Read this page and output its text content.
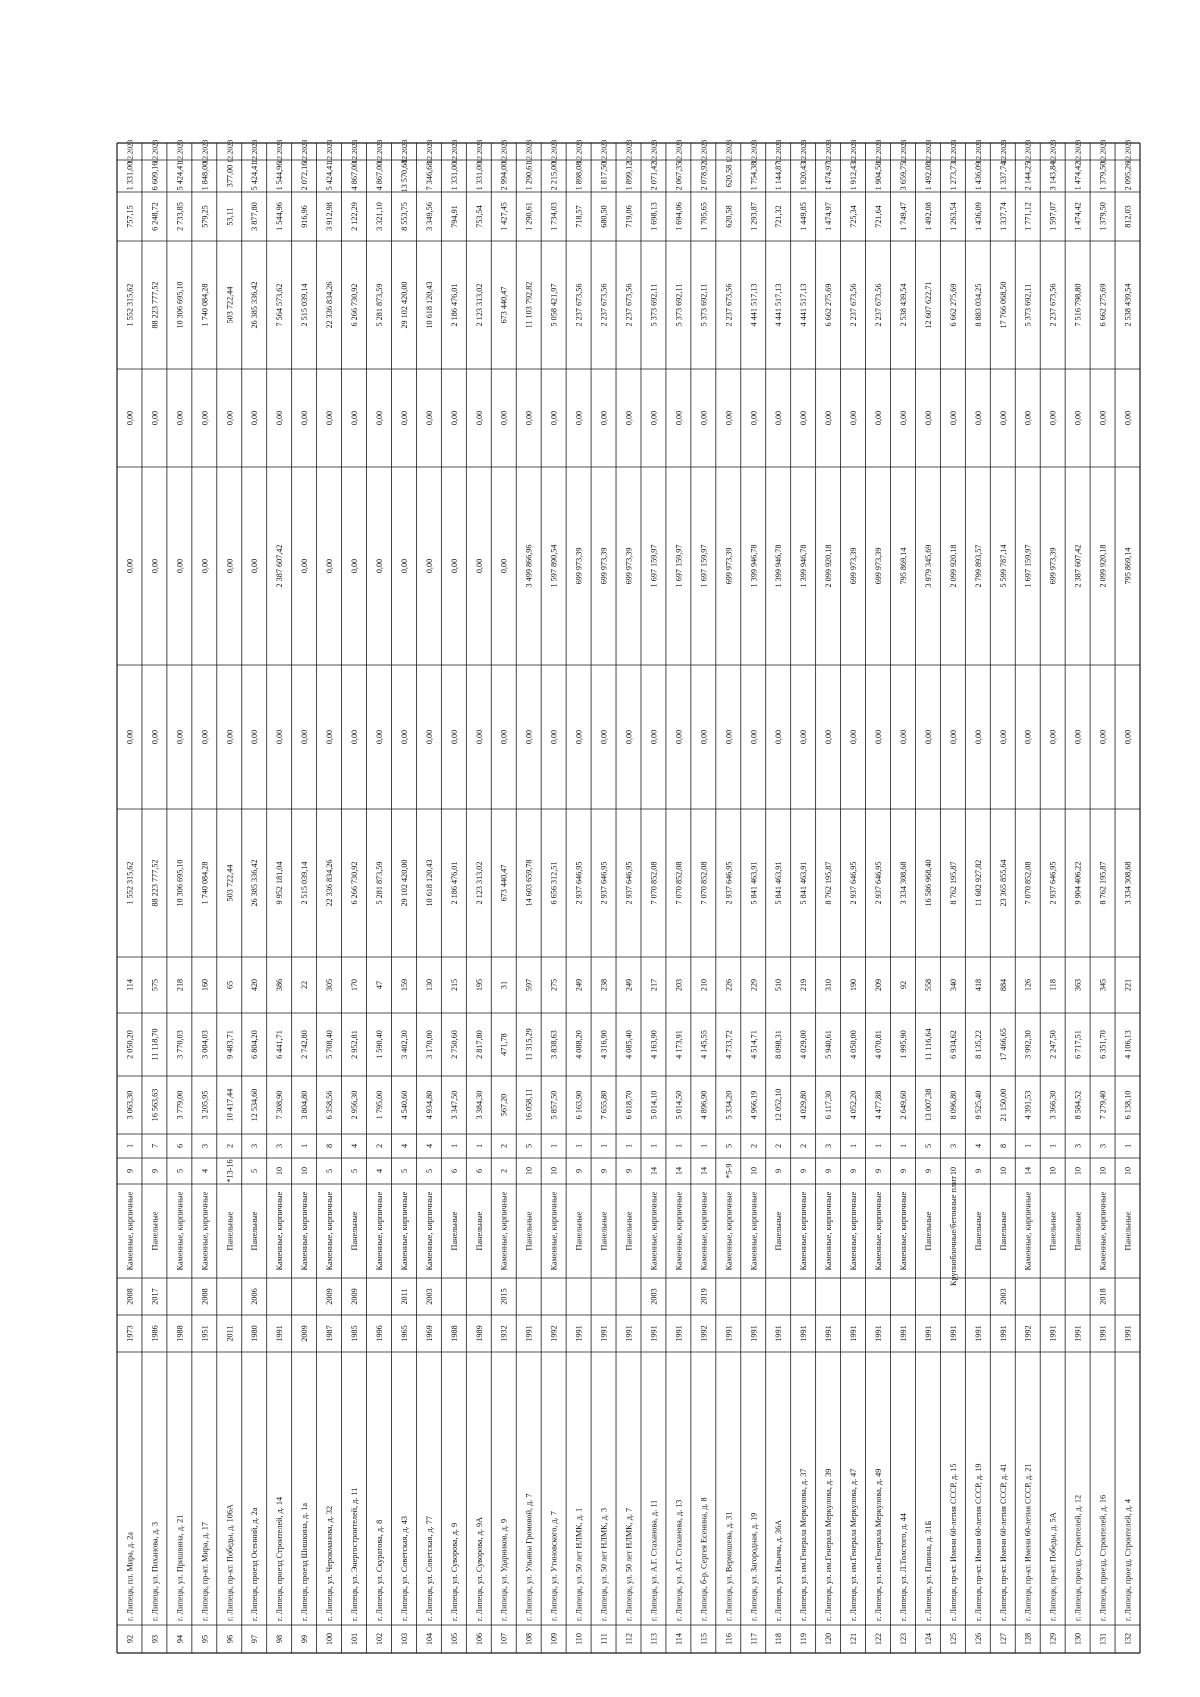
92
г. Липецк, пл. Мира, д. 2а
1973
2008
Каменные, кирпичные
9
1
3 063,30
2 050,20
114
1 552 315,62
0,00
0,00
0,00
1 552 315,62
757,15
1 331,00
12.2023
93
г. Липецк, ул. Пиханова, д. 3
1986
2017
Панельные
9
7
16 563,63
11 118,70
575
88 223 777,52
0,00
0,00
0,00
88 223 777,52
6 248,72
6 609,16
12.2023
94
г. Липецк, ул. Пришвина, д. 21
1988
Каменные, кирпичные
5
6
3 779,00
3 770,03
218
10 306 695,10
0,00
0,00
0,00
10 306 695,10
2 733,85
5 424,41
12.2023
95
г. Липецк, пр-кт. Мира, д. 17
1951
2008
Каменные, кирпичные
4
3
3 205,95
3 004,03
160
1 740 084,28
0,00
0,00
0,00
1 740 084,28
579,25
1 848,00
12.2023
96
г. Липецк, пр-кт. Победы, д. 106А
2011
Панельные
*13-16
2
10 417,44
9 483,71
65
503 722,44
0,00
0,00
0,00
503 722,44
53,11
377,00
12.2023
97
г. Липецк, проезд Осенний, д. 2а
1980
2006
Панельные
5
3
12 534,60
6 804,20
420
26 385 336,42
0,00
0,00
0,00
26 385 336,42
3 877,80
5 424,41
12.2023
98
г. Липецк, проезд Строителей, д. 14
1991
Каменные, кирпичные
10
3
7 308,90
6 441,71
386
9 952 181,04
0,00
2 387 607,42
0,00
7 564 573,62
1 544,96
1 544,96
12.2023
99
г. Липецк, проезд Шишкина, д. 1а
2009
Каменные, кирпичные
10
1
3 804,80
2 742,80
22
2 515 039,14
0,00
0,00
0,00
2 515 039,14
916,96
2 072,16
12.2023
100
г. Липецк, ул. Черокманова, д. 32
1987
2009
Каменные, кирпичные
5
8
6 358,56
5 708,40
305
22 336 834,26
0,00
0,00
0,00
22 336 834,26
3 912,98
5 424,41
12.2023
101
г. Липецк, ул. Энергостроителей, д. 11
1985
2009
Панельные
5
4
2 956,30
2 952,81
170
6 266 730,92
0,00
0,00
0,00
6 266 730,92
2 122,29
4 867,00
12.2023
102
г. Липецк, ул. Скуратова, д. 8
1996
Каменные, кирпичные
4
2
1 795,00
1 590,40
47
5 281 873,59
0,00
0,00
0,00
5 281 873,59
3 321,10
4 867,00
12.2023
103
г. Липецк, ул. Советская, д. 43
1965
2011
Каменные, кирпичные
5
4
4 540,60
3 402,30
159
29 102 420,00
0,00
0,00
0,00
29 102 420,00
8 553,75
13 570,68
12.2023
104
г. Липецк, ул. Советская, д. 77
1969
2003
Каменные, кирпичные
5
4
4 934,80
3 170,00
130
10 618 120,43
0,00
0,00
0,00
10 618 120,43
3 349,56
7 346,68
12.2023
105
г. Липецк, ул. Суворова, д. 9
1988
Панельные
6
1
3 347,50
2 750,60
215
2 186 476,01
0,00
0,00
0,00
2 186 476,01
794,91
1 331,00
12.2023
106
г. Липецк, ул. Суворова, д. 9А
1989
Панельные
6
1
3 384,30
2 817,80
195
2 123 313,02
0,00
0,00
0,00
2 123 313,02
753,54
1 331,00
12.2023
107
г. Липецк, ул. Ударников, д. 9
1932
2015
Каменные, кирпичные
2
2
567,20
471,78
31
673 440,47
0,00
0,00
0,00
673 440,47
1 427,45
2 994,00
12.2023
108
г. Липецк, ул. Ульяны Громовой, д. 7
1991
Панельные
10
5
16 058,11
11 315,29
597
14 603 659,78
0,00
3 499 866,96
0,00
11 103 792,82
1 290,61
1 290,61
12.2023
109
г. Липецк, ул. Утиновского, д. 7
1992
Каменные, кирпичные
10
1
5 857,50
3 838,63
275
6 656 312,51
0,00
1 597 890,54
0,00
5 058 421,97
1 734,03
2 215,00
12.2023
110
г. Липецк, ул. 50 лет НЛМК, д. 1
1991
Панельные
9
1
6 163,90
4 088,20
249
2 937 646,95
0,00
699 973,39
0,00
2 237 673,56
718,57
1 898,08
12.2023
111
г. Липецк, ул. 50 лет НЛМК, д. 3
1991
Панельные
9
1
7 655,80
4 316,90
238
2 937 646,95
0,00
699 973,39
0,00
2 237 673,56
680,50
1 817,50
12.2023
112
г. Липецк, ул. 50 лет НЛМК, д. 7
1991
Панельные
9
1
6 018,70
4 085,40
249
2 937 646,95
0,00
699 973,39
0,00
2 237 673,56
719,06
1 899,12
12.2023
113
г. Липецк, ул. А.Г. Стаханова, д. 11
1991
2003
Каменные, кирпичные
14
1
5 014,10
4 163,90
217
7 070 852,08
0,00
1 697 159,97
0,00
5 373 692,11
1 698,13
2 071,42
12.2023
114
г. Липецк, ул. А.Г. Стаханова, д. 13
1991
Каменные, кирпичные
14
1
5 014,50
4 173,91
203
7 070 852,08
0,00
1 697 159,97
0,00
5 373 692,11
1 694,06
2 067,35
12.2023
115
г. Липецк, б-р. Сергея Есенина, д. 8
1992
2019
Каменные, кирпичные
14
1
4 896,90
4 145,55
210
7 070 852,08
0,00
1 697 159,97
0,00
5 373 692,11
1 705,65
2 078,92
12.2023
116
г. Липецк, ул. Вермишева, д. 31
1991
Каменные, кирпичные
*5-9
5
5 334,20
4 733,72
226
2 937 646,95
0,00
699 973,39
0,00
2 237 673,56
620,58
620,58
12.2023
117
г. Липецк, ул. Загородная, д. 19
1991
Каменные, кирпичные
10
2
4 966,19
4 514,71
229
5 841 463,91
0,00
1 399 946,78
0,00
4 441 517,13
1 293,87
1 754,38
12.2023
118
г. Липецк, ул. Ильича, д. 36А
1991
Панельные
9
2
12 052,10
8 098,31
510
5 841 463,91
0,00
1 399 946,78
0,00
4 441 517,13
721,32
1 144,87
12.2023
119
г. Липецк, ул. им.Генерала Меркулова, д. 37
1991
Каменные, кирпичные
9
2
4 029,80
4 029,00
219
5 841 463,91
0,00
1 399 946,78
0,00
4 441 517,13
1 449,85
1 920,43
12.2023
120
г. Липецк, ул. им.Генерала Меркулова, д. 39
1991
Каменные, кирпичные
9
3
6 117,30
5 940,61
310
8 762 195,87
0,00
2 099 920,18
0,00
6 662 275,69
1 474,97
1 474,97
12.2023
121
г. Липецк, ул. им.Генерала Меркулова, д. 47
1991
Каменные, кирпичные
9
1
4 052,20
4 050,00
190
2 937 646,95
0,00
699 973,39
0,00
2 237 673,56
725,34
1 912,43
12.2023
122
г. Липецк, ул. им.Генерала Меркулова, д. 49
1991
Каменные, кирпичные
9
1
4 477,88
4 070,81
209
2 937 646,95
0,00
699 973,39
0,00
2 237 673,56
721,64
1 904,58
12.2023
123
г. Липецк, ул. Л.Толстого, д. 44
1991
Каменные, кирпичные
9
1
2 649,60
1 995,90
92
3 334 308,68
0,00
795 869,14
0,00
2 538 439,54
1 749,47
3 659,75
12.2023
124
г. Липецк, ул. Папина, д. 31Б
1991
Панельные
9
5
13 007,38
11 116,64
558
16 586 968,40
0,00
3 979 345,69
0,00
12 607 622,71
1 492,08
1 492,08
12.2023
125
г. Липецк, пр-кт. Имени 60-летия СССР, д. 15
1991
Крупноблочные/бетонные плит
10
3
8 096,80
6 934,62
340
8 762 195,87
0,00
2 099 920,18
0,00
6 662 275,69
1 263,54
1 273,73
12.2023
126
г. Липецк, пр-кт. Имени 60-летия СССР, д. 19
1991
Панельные
9
4
9 525,40
8 135,22
418
11 682 927,82
0,00
2 799 893,57
0,00
8 883 034,25
1 436,09
1 436,09
12.2023
127
г. Липецк, пр-кт. Имени 60-летия СССР, д. 41
1991
2003
Панельные
10
8
21 150,00
17 466,65
884
23 365 855,64
0,00
5 599 787,14
0,00
17 766 068,50
1 337,74
1 337,74
12.2023
128
г. Липецк, пр-кт. Имени 60-летия СССР, д. 21
1992
Каменные, кирпичные
14
1
4 391,53
3 992,30
126
7 070 852,08
0,00
1 697 159,97
0,00
5 373 692,11
1 771,12
2 144,25
12.2023
129
г. Липецк, пр-кт. Победы, д. 5А
1991
Панельные
10
1
3 366,30
2 247,50
118
2 937 646,95
0,00
699 973,39
0,00
2 237 673,56
1 597,07
3 143,84
12.2023
130
г. Липецк, проезд. Строителей, д. 12
1991
Панельные
10
3
8 584,52
6 717,51
363
9 904 406,22
0,00
2 387 607,42
0,00
7 516 798,80
1 474,42
1 474,42
12.2023
131
г. Липецк, проезд. Строителей, д. 16
1991
2018
Каменные, кирпичные
10
3
7 279,40
6 351,70
345
8 762 195,87
0,00
2 099 920,18
0,00
6 662 275,69
1 379,50
1 379,50
12.2023
132
г. Липецк, проезд. Строителей, д. 4
1991
Панельные
10
1
6 138,10
4 106,13
221
3 334 308,68
0,00
795 869,14
0,00
2 538 439,54
812,03
2 095,26
12.2023
